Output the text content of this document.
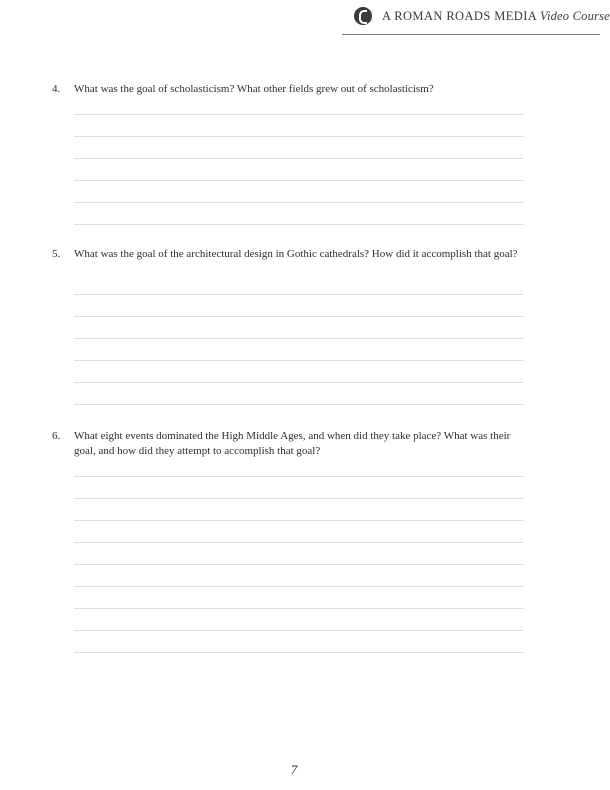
A ROMAN ROADS MEDIA Video Course
4. What was the goal of scholasticism? What other fields grew out of scholasticism?
5. What was the goal of the architectural design in Gothic cathedrals? How did it accomplish that goal?
6. What eight events dominated the High Middle Ages, and when did they take place? What was their goal, and how did they attempt to accomplish that goal?
7
